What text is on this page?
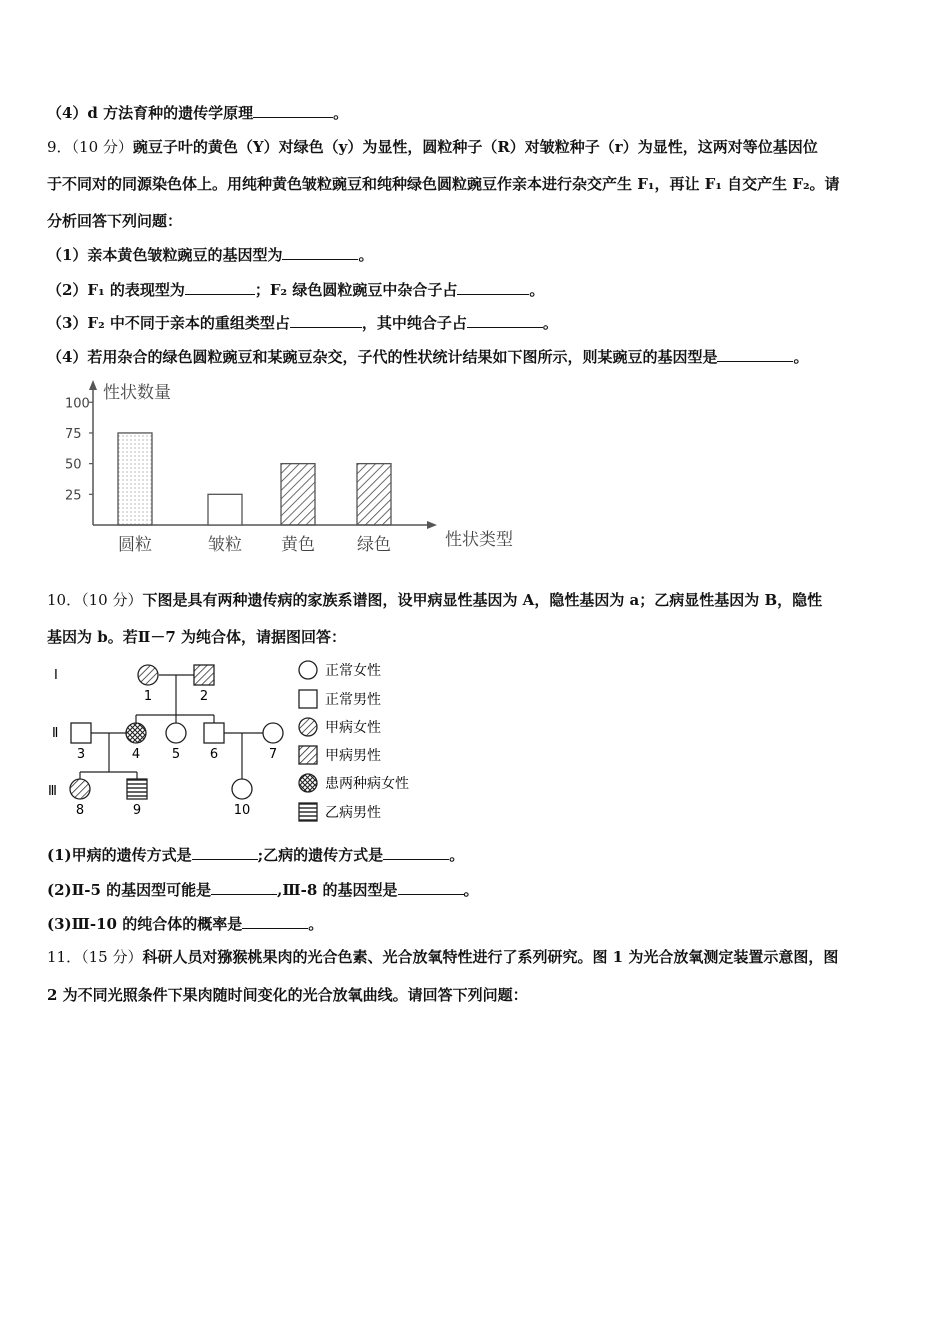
（4）d 方法育种的遗传学原理	。
9．（10 分）豌豆子叶的黄色（Y）对绿色（y）为显性，圆粒种子（R）对皱粒种子（r）为显性，这两对等位基因位
于不同对的同源染色体上。用纯种黄色皱粒豌豆和纯种绿色圆粒豌豆作亲本进行杂交产生 F₁，再让 F₁ 自交产生 F₂。请
分析回答下列问题：
（1）亲本黄色皱粒豌豆的基因型为	。
（2）F₁ 的表现型为	；F₂ 绿色圆粒豌豆中杂合子占	。
（3）F₂ 中不同于亲本的重组类型占	，其中纯合子占	。
（4）若用杂合的绿色圆粒豌豆和某豌豆杂交，子代的性状统计结果如下图所示，则某豌豆的基因型是	。
性状数量
性状类型
25
50
75
100
圆粒	皱粒 黄色 绿色
10．（10 分）下图是具有两种遗传病的家族系谱图，设甲病显性基因为 A，隐性基因为 a；乙病显性基因为 B，隐性
基因为 b。若Ⅱ－7 为纯合体，请据图回答：
Ⅰ
Ⅱ
Ⅲ
1	2
3	4 5 6	7
8	9	10
正常女性
正常男性
甲病女性
甲病男性
患两种病女性
乙病男性
(1)甲病的遗传方式是	;乙病的遗传方式是	。
(2)Ⅱ-5 的基因型可能是	,Ⅲ-8 的基因型是	。
(3)Ⅲ-10 的纯合体的概率是	。
11．（15 分）科研人员对猕猴桃果肉的光合色素、光合放氧特性进行了系列研究。图 1 为光合放氧测定装置示意图，图
2 为不同光照条件下果肉随时间变化的光合放氧曲线。请回答下列问题：
